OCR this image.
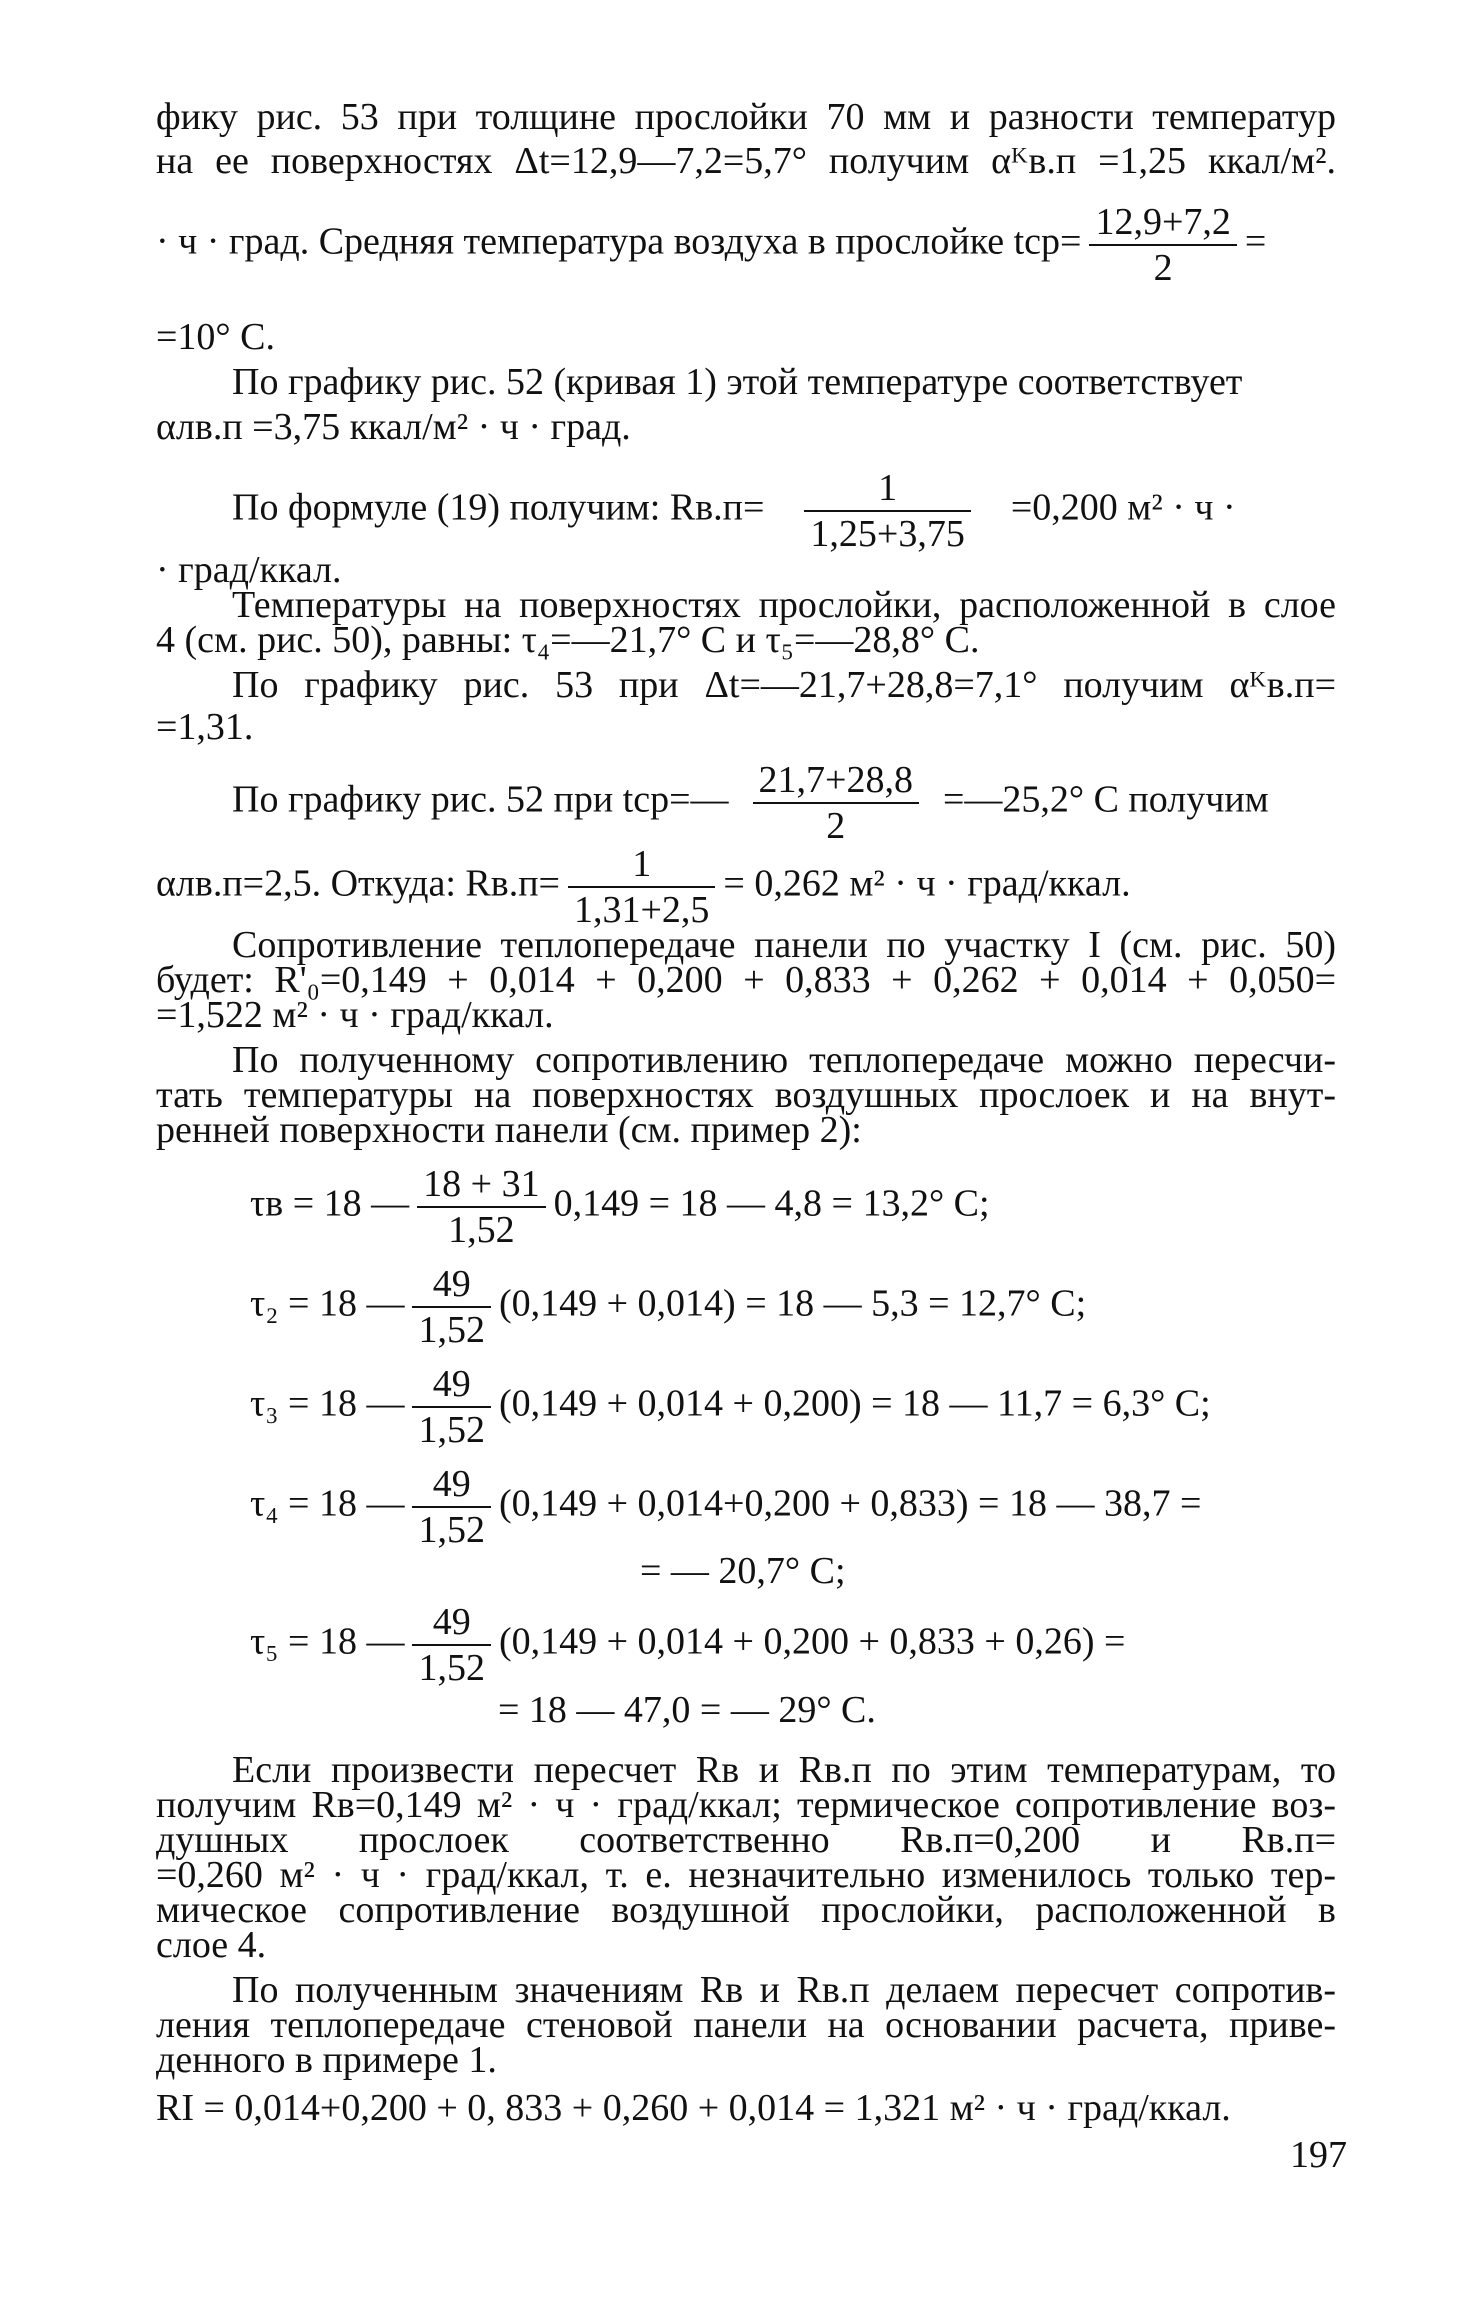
фику рис. 53 при толщине прослойки 70 мм и разности температур
на ее поверхностях Δt=12,9—7,2=5,7° получим αᴷв.п =1,25 ккал/м².
· ч · град. Средняя температура воздуха в прослойке $tср= \frac{12,9+7,2}{2}$ =
=10° С.
По графику рис. 52 (кривая 1) этой температуре соответствует
αлв.п =3,75 ккал/м² · ч · град.
По формуле (19) получим: $Rв.п= \frac{1}{1,25+3,75} =0,200$ м² · ч ·
· град/ккал.
Температуры на поверхностях прослойки, расположенной в слое
4 (см. рис. 50), равны: τ₄=—21,7° С и τ₅=—28,8° С.
По графику рис. 53 при Δt=—21,7+28,8=7,1° получим αᴷв.п=
=1,31.
По графику рис. 52 при tср=— $\frac{21,7+28,8}{2}$ =—25,2° С получим
αлв.п=2,5. Откуда: $Rв.п= \frac{1}{1,31+2,5} = 0,262$ м² · ч · град/ккал.
Сопротивление теплопередаче панели по участку I (см. рис. 50)
будет: R'₀=0,149 + 0,014 + 0,200 + 0,833 + 0,262 + 0,014 + 0,050=
=1,522 м² · ч · град/ккал.
По полученному сопротивлению теплопередаче можно пересчи-
тать температуры на поверхностях воздушных прослоек и на внут-
ренней поверхности панели (см. пример 2):
τв = 18 — $\frac{18 + 31}{1,52} 0,149 = 18$ — 4,8 = 13,2° С;
τ₂ = 18 — $\frac{49}{1,52} (0,149 + 0,014) = 18$ — 5,3 = 12,7° С;
τ₃ = 18 — $\frac{49}{1,52} (0,149 + 0,014 + 0,200) = 18$ — 11,7 = 6,3° С;
τ₄ = 18 — $\frac{49}{1,52} (0,149 + 0,014+0,200 + 0,833) = 18$ — 38,7 =
= — 20,7° С;
τ₅ = 18 — $\frac{49}{1,52} (0,149 + 0,014 + 0,200 + 0,833 + 0,26)$ =
= 18 — 47,0 = — 29° С.
Если произвести пересчет Rв и Rв.п по этим температурам, то
получим Rв=0,149 м² · ч · град/ккал; термическое сопротивление воз-
душных прослоек соответственно Rв.п=0,200 и Rв.п=
=0,260 м² · ч · град/ккал, т. е. незначительно изменилось только тер-
мическое сопротивление воздушной прослойки, расположенной в
слое 4.
По полученным значениям Rв и Rв.п делаем пересчет сопротив-
ления теплопередаче стеновой панели на основании расчета, приве-
денного в примере 1.
RI = 0,014+0,200 + 0, 833 + 0,260 + 0,014 = 1,321 м² · ч · град/ккал.
197
